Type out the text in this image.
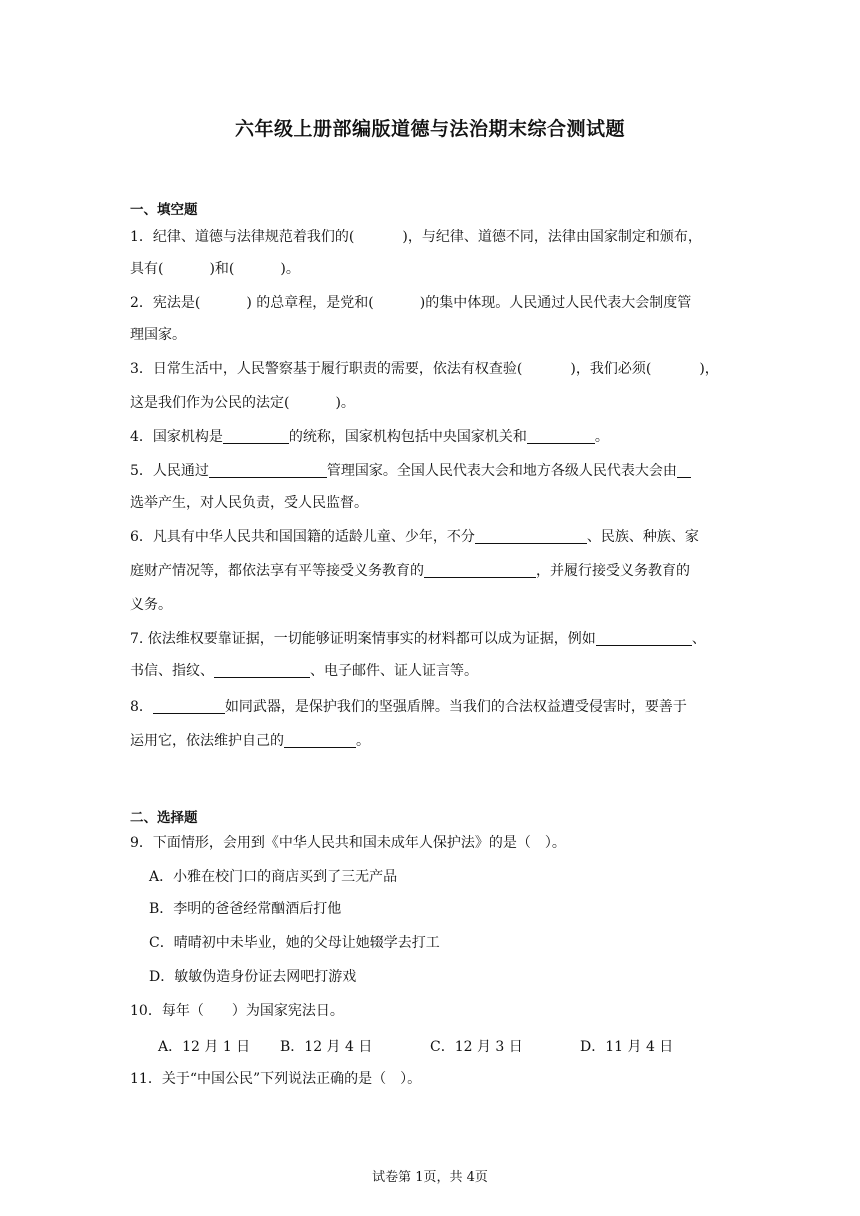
六年级上册部编版道德与法治期末综合测试题
一、填空题
1．纪律、道德与法律规范着我们的(	)，与纪律、道德不同，法律由国家制定和颁布，
具有(	)和(	)。
2．宪法是(	) 的总章程，是党和(	)的集中体现。人民通过人民代表大会制度管
理国家。
3．日常生活中，人民警察基于履行职责的需要，依法有权查验(	)，我们必须(	)，
这是我们作为公民的法定(	)。
4．国家机构是	的统称，国家机构包括中央国家机关和	。
5．人民通过	管理国家。全国人民代表大会和地方各级人民代表大会由
选举产生，对人民负责，受人民监督。
6．凡具有中华人民共和国国籍的适龄儿童、少年，不分	、民族、种族、家
庭财产情况等，都依法享有平等接受义务教育的	，并履行接受义务教育的
义务。
7. 依法维权要靠证据，一切能够证明案情事实的材料都可以成为证据，例如	、
书信、指纹、	、电子邮件、证人证言等。
8．	如同武器，是保护我们的坚强盾牌。当我们的合法权益遭受侵害时，要善于
运用它，依法维护自己的	。
二、选择题
9．下面情形，会用到《中华人民共和国未成年人保护法》的是（　）。
A．小雅在校门口的商店买到了三无产品
B．李明的爸爸经常酗酒后打他
C．晴晴初中未毕业，她的父母让她辍学去打工
D．敏敏伪造身份证去网吧打游戏
10．每年（　　）为国家宪法日。
A．12 月 1 日 B．12 月 4 日	C．12 月 3 日	D．11 月 4 日
11．关于“中国公民”下列说法正确的是（　）。
试卷第 1页，共 4页
